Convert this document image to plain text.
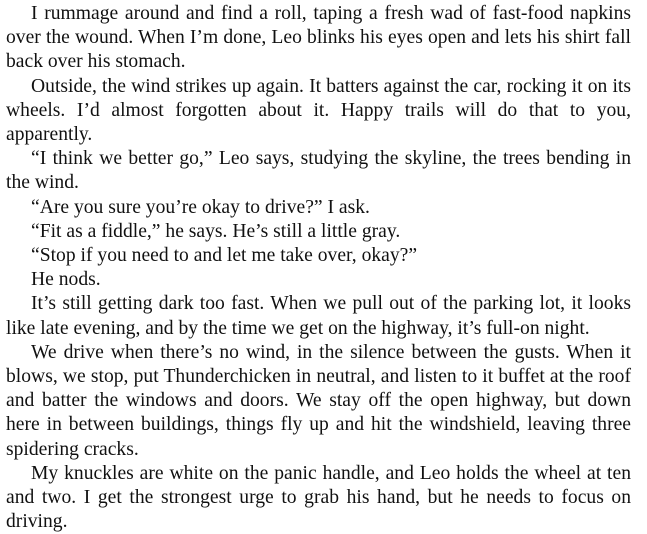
I rummage around and find a roll, taping a fresh wad of fast-food napkins over the wound. When I’m done, Leo blinks his eyes open and lets his shirt fall back over his stomach.

Outside, the wind strikes up again. It batters against the car, rocking it on its wheels. I’d almost forgotten about it. Happy trails will do that to you, apparently.

“I think we better go,” Leo says, studying the skyline, the trees bending in the wind.

“Are you sure you’re okay to drive?” I ask.

“Fit as a fiddle,” he says. He’s still a little gray.

“Stop if you need to and let me take over, okay?”

He nods.

It’s still getting dark too fast. When we pull out of the parking lot, it looks like late evening, and by the time we get on the highway, it’s full-on night.

We drive when there’s no wind, in the silence between the gusts. When it blows, we stop, put Thunderchicken in neutral, and listen to it buffet at the roof and batter the windows and doors. We stay off the open highway, but down here in between buildings, things fly up and hit the windshield, leaving three spidering cracks.

My knuckles are white on the panic handle, and Leo holds the wheel at ten and two. I get the strongest urge to grab his hand, but he needs to focus on driving.
